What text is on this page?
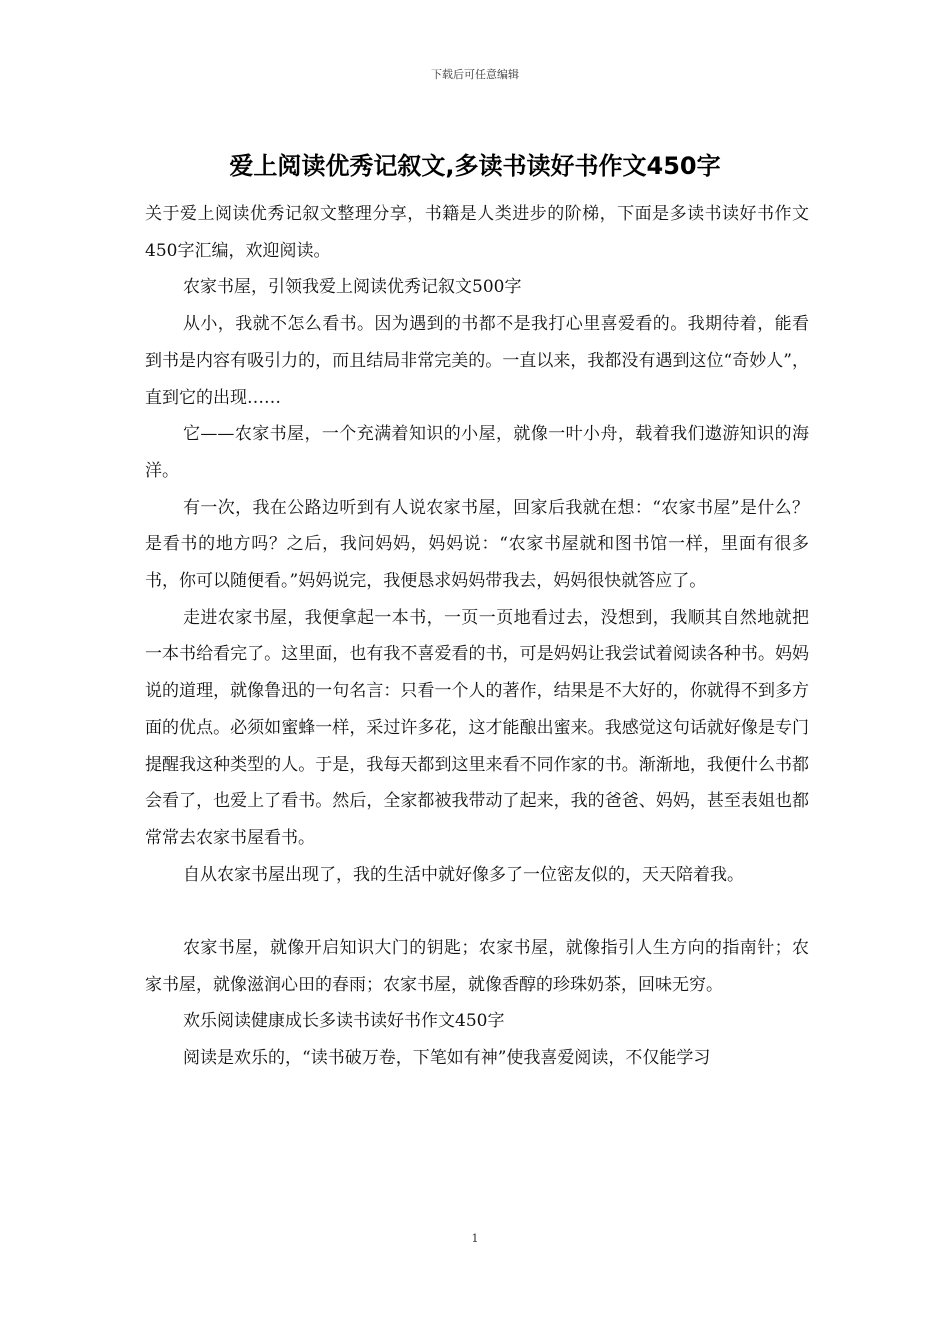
下载后可任意编辑
爱上阅读优秀记叙文,多读书读好书作文450字

关于爱上阅读优秀记叙文整理分享，书籍是人类进步的阶梯，下面是多读书读好书作文450字汇编，欢迎阅读。

农家书屋，引领我爱上阅读优秀记叙文500字

从小，我就不怎么看书。因为遇到的书都不是我打心里喜爱看的。我期待着，能看到书是内容有吸引力的，而且结局非常完美的。一直以来，我都没有遇到这位“奇妙人”，直到它的出现……

它——农家书屋，一个充满着知识的小屋，就像一叶小舟，载着我们遨游知识的海洋。

有一次，我在公路边听到有人说农家书屋，回家后我就在想：“农家书屋”是什么？是看书的地方吗？之后，我问妈妈，妈妈说：“农家书屋就和图书馆一样，里面有很多书，你可以随便看。”妈妈说完，我便恳求妈妈带我去，妈妈很快就答应了。

走进农家书屋，我便拿起一本书，一页一页地看过去，没想到，我顺其自然地就把一本书给看完了。这里面，也有我不喜爱看的书，可是妈妈让我尝试着阅读各种书。妈妈说的道理，就像鲁迅的一句名言：只看一个人的著作，结果是不大好的，你就得不到多方面的优点。必须如蜜蜂一样，采过许多花，这才能酿出蜜来。我感觉这句话就好像是专门提醒我这种类型的人。于是，我每天都到这里来看不同作家的书。渐渐地，我便什么书都会看了，也爱上了看书。然后，全家都被我带动了起来，我的爸爸、妈妈，甚至表姐也都常常去农家书屋看书。

自从农家书屋出现了，我的生活中就好像多了一位密友似的，天天陪着我。

农家书屋，就像开启知识大门的钥匙；农家书屋，就像指引人生方向的指南针；农家书屋，就像滋润心田的春雨；农家书屋，就像香醇的珍珠奶茶，回味无穷。

欢乐阅读健康成长多读书读好书作文450字

阅读是欢乐的，“读书破万卷，下笔如有神”使我喜爱阅读，不仅能学习

1
